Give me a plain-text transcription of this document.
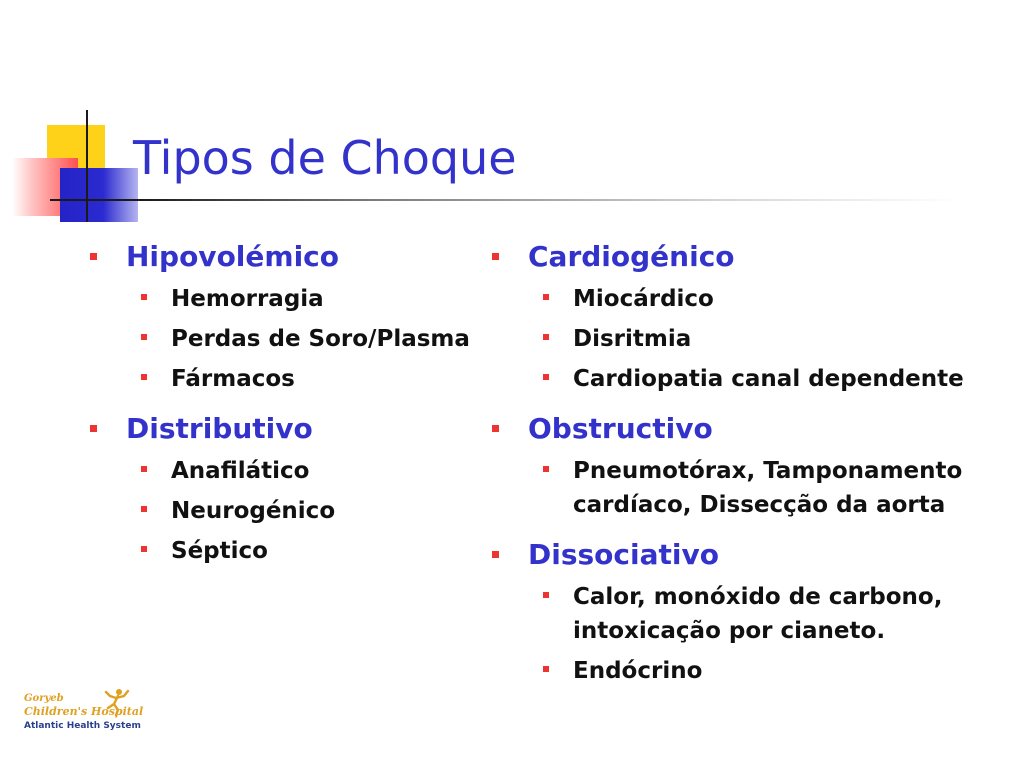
Tipos de Choque
Hipovolémico
Hemorragia
Perdas de Soro/Plasma
Fármacos
Distributivo
Anafilático
Neurogénico
Séptico
Cardiogénico
Miocárdico
Disritmia
Cardiopatia canal dependente
Obstructivo
Pneumotórax, Tamponamento cardíaco, Dissecção da aorta
Dissociativo
Calor, monóxido de carbono, intoxicação por cianeto.
Endócrino
Goryeb
Children's Hospital
Atlantic Health System
